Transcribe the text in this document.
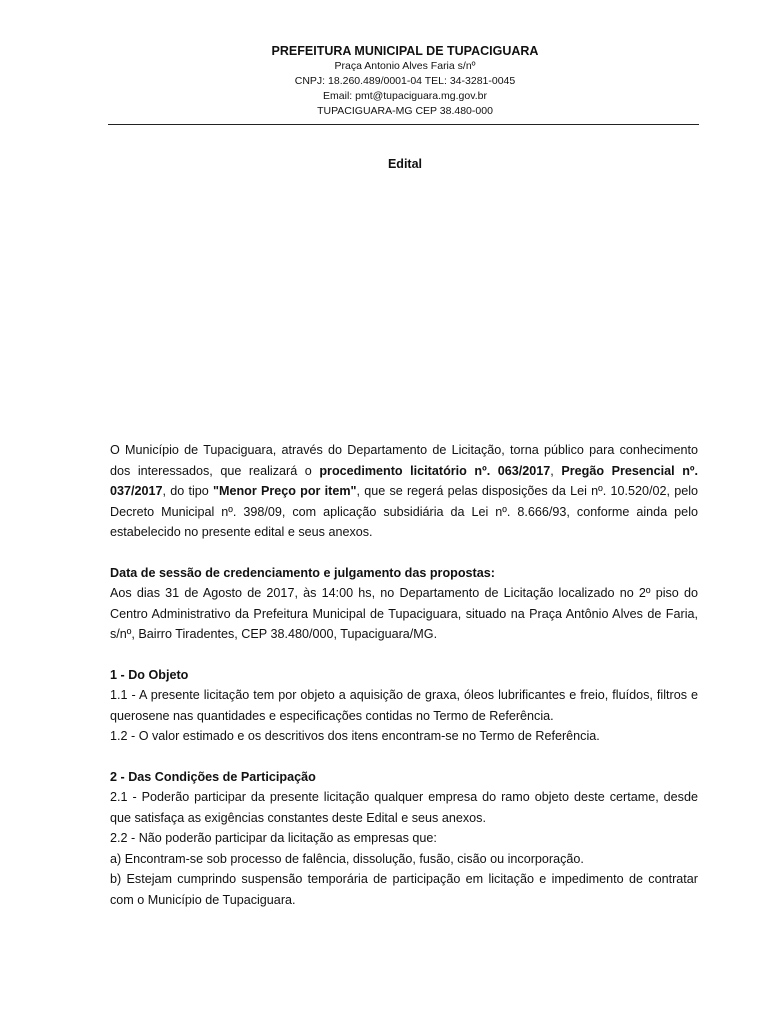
PREFEITURA MUNICIPAL DE TUPACIGUARA
Praça Antonio Alves Faria s/nº
CNPJ: 18.260.489/0001-04 TEL: 34-3281-0045
Email: pmt@tupaciguara.mg.gov.br
TUPACIGUARA-MG CEP 38.480-000
Edital

O Município de Tupaciguara, através do Departamento de Licitação, torna público para conhecimento dos interessados, que realizará o procedimento licitatório nº. 063/2017, Pregão Presencial nº. 037/2017, do tipo "Menor Preço por item", que se regerá pelas disposições da Lei nº. 10.520/02, pelo Decreto Municipal nº. 398/09, com aplicação subsidiária da Lei nº. 8.666/93, conforme ainda pelo estabelecido no presente edital e seus anexos.

Data de sessão de credenciamento e julgamento das propostas:

Aos dias 31 de Agosto de 2017, às 14:00 hs, no Departamento de Licitação localizado no 2º piso do Centro Administrativo da Prefeitura Municipal de Tupaciguara, situado na Praça Antônio Alves de Faria, s/nº, Bairro Tiradentes, CEP 38.480/000, Tupaciguara/MG.

1 - Do Objeto

1.1 - A presente licitação tem por objeto a aquisição de graxa, óleos lubrificantes e freio, fluídos, filtros e querosene nas quantidades e especificações contidas no Termo de Referência.

1.2 - O valor estimado e os descritivos dos itens encontram-se no Termo de Referência.

2 - Das Condições de Participação

2.1 - Poderão participar da presente licitação qualquer empresa do ramo objeto deste certame, desde que satisfaça as exigências constantes deste Edital e seus anexos.

2.2 - Não poderão participar da licitação as empresas que:

a) Encontram-se sob processo de falência, dissolução, fusão, cisão ou incorporação.

b) Estejam cumprindo suspensão temporária de participação em licitação e impedimento de contratar com o Município de Tupaciguara.
